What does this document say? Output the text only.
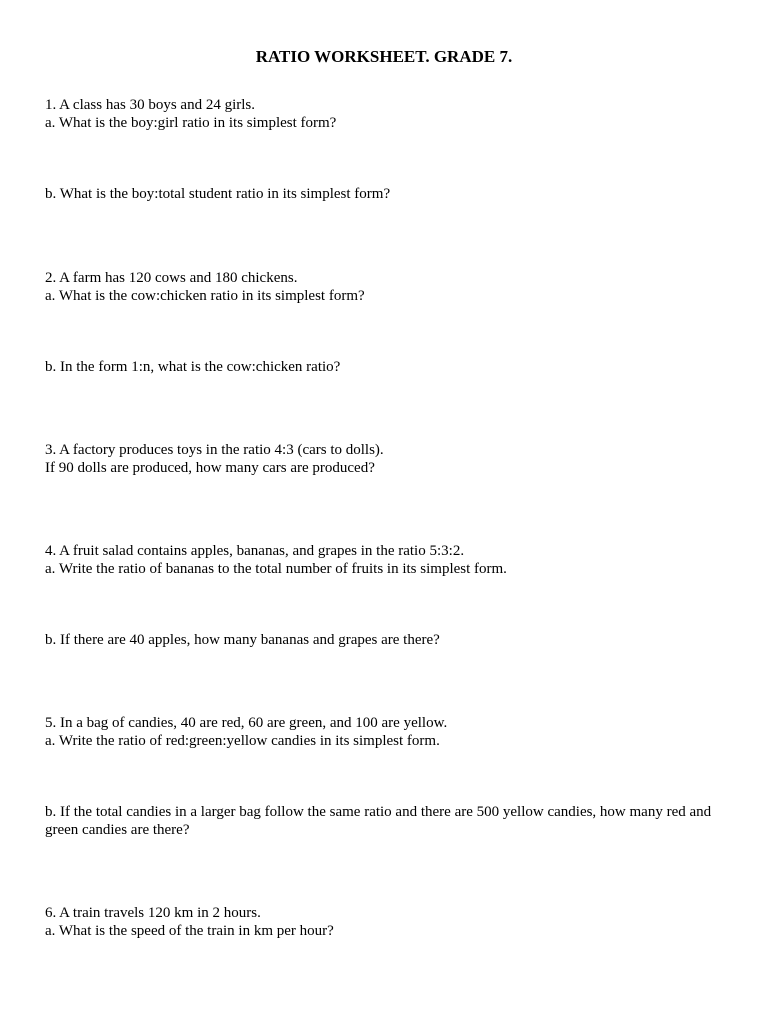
RATIO WORKSHEET. GRADE 7.
1. A class has 30 boys and 24 girls.
a. What is the boy:girl ratio in its simplest form?
b. What is the boy:total student ratio in its simplest form?
2. A farm has 120 cows and 180 chickens.
a. What is the cow:chicken ratio in its simplest form?
b. In the form 1:n, what is the cow:chicken ratio?
3. A factory produces toys in the ratio 4:3 (cars to dolls).
If 90 dolls are produced, how many cars are produced?
4. A fruit salad contains apples, bananas, and grapes in the ratio 5:3:2.
a. Write the ratio of bananas to the total number of fruits in its simplest form.
b. If there are 40 apples, how many bananas and grapes are there?
5. In a bag of candies, 40 are red, 60 are green, and 100 are yellow.
a. Write the ratio of red:green:yellow candies in its simplest form.
b. If the total candies in a larger bag follow the same ratio and there are 500 yellow candies, how many red and green candies are there?
6. A train travels 120 km in 2 hours.
a. What is the speed of the train in km per hour?
